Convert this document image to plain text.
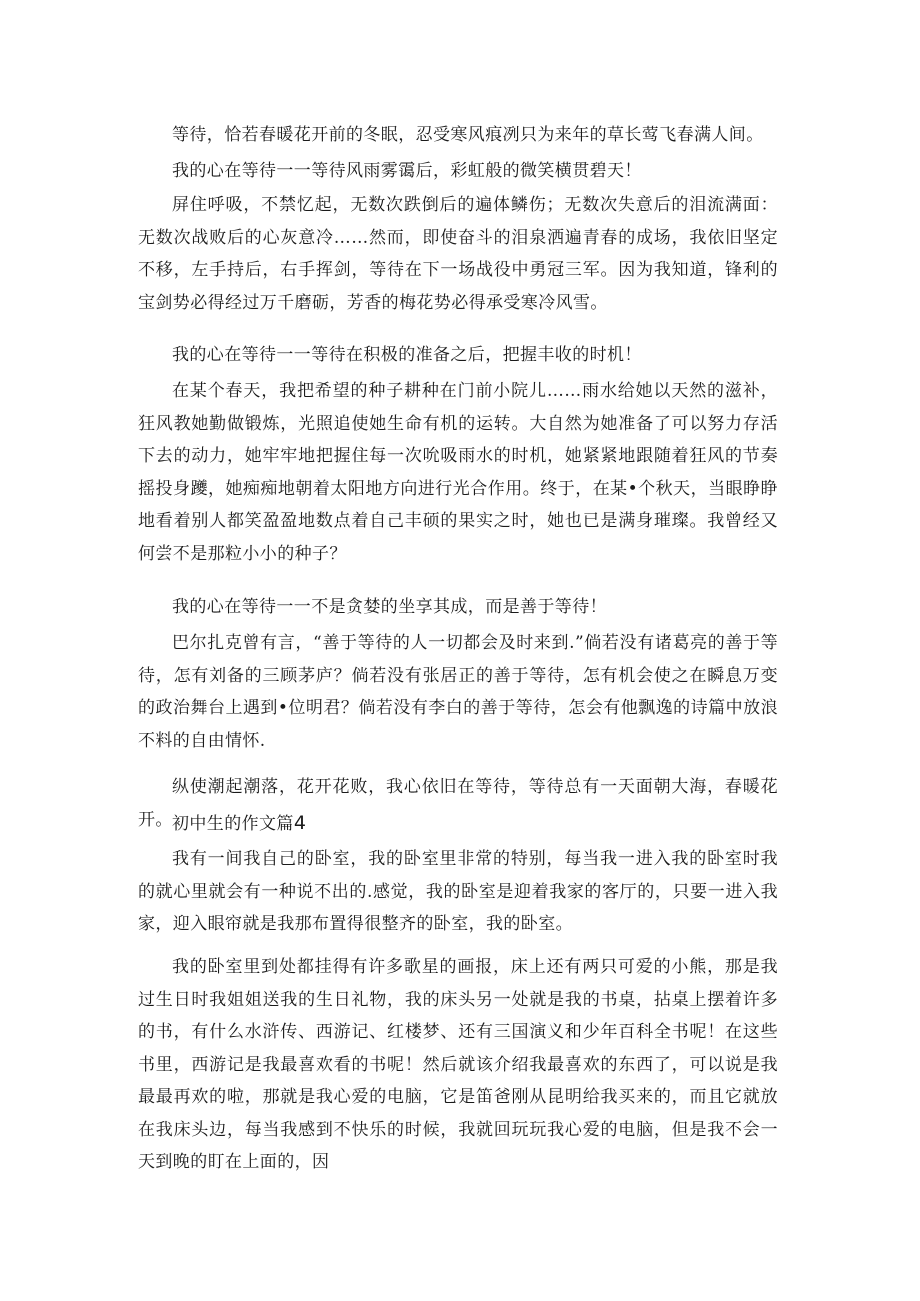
等待，恰若春暖花开前的冬眠，忍受寒风痕冽只为来年的草长莺飞春满人间。

我的心在等待一一等待风雨雾霭后，彩虹般的微笑横贯碧天！

屏住呼吸，不禁忆起，无数次跌倒后的遍体鳞伤；无数次失意后的泪流满面：无数次战败后的心灰意冷……然而，即使奋斗的泪泉洒遍青春的成场，我依旧坚定不移，左手持后，右手挥剑，等待在下一场战役中勇冠三军。因为我知道，锋利的宝剑势必得经过万千磨砺，芳香的梅花势必得承受寒冷风雪。

我的心在等待一一等待在积极的准备之后，把握丰收的时机！

在某个春天，我把希望的种子耕种在门前小院儿……雨水给她以天然的滋补，狂风教她勤做锻炼，光照追使她生命有机的运转。大自然为她准备了可以努力存活下去的动力，她牢牢地把握住每一次吮吸雨水的时机，她紧紧地跟随着狂风的节奏摇投身躨，她痴痴地朝着太阳地方向进行光合作用。终于，在某•个秋天，当眼睁睁地看着别人都笑盈盈地数点着自己丰硕的果实之时，她也已是满身璀璨。我曾经又何尝不是那粒小小的种子？

我的心在等待一一不是贪婪的坐享其成，而是善于等待！

巴尔扎克曾有言，“善于等待的人一切都会及时来到.”倘若没有诸葛亮的善于等待，怎有刘备的三顾茅庐？倘若没有张居正的善于等待，怎有机会使之在瞬息万变的政治舞台上遇到•位明君？倘若没有李白的善于等待，怎会有他飘逸的诗篇中放浪不料的自由情怀.

纵使潮起潮落，花开花败，我心依旧在等待，等待总有一天面朝大海，春暖花开。 初中生的作文篇4

我有一间我自己的卧室，我的卧室里非常的特别，每当我一进入我的卧室时我的就心里就会有一种说不出的.感觉，我的卧室是迎着我家的客厅的，只要一进入我家，迎入眼帘就是我那布置得很整齐的卧室，我的卧室。

我的卧室里到处都挂得有许多歌星的画报，床上还有两只可爱的小熊，那是我过生日时我姐姐送我的生日礼物，我的床头另一处就是我的书桌，拈桌上摆着许多的书，有什么水浒传、西游记、红楼梦、还有三国演义和少年百科全书呢！在这些书里，西游记是我最喜欢看的书呢！然后就该介绍我最喜欢的东西了，可以说是我最最再欢的啦，那就是我心爱的电脑，它是笛爸刚从昆明给我买来的，而且它就放在我床头边，每当我感到不快乐的时候，我就回玩玩我心爱的电脑，但是我不会一天到晚的盯在上面的，因
